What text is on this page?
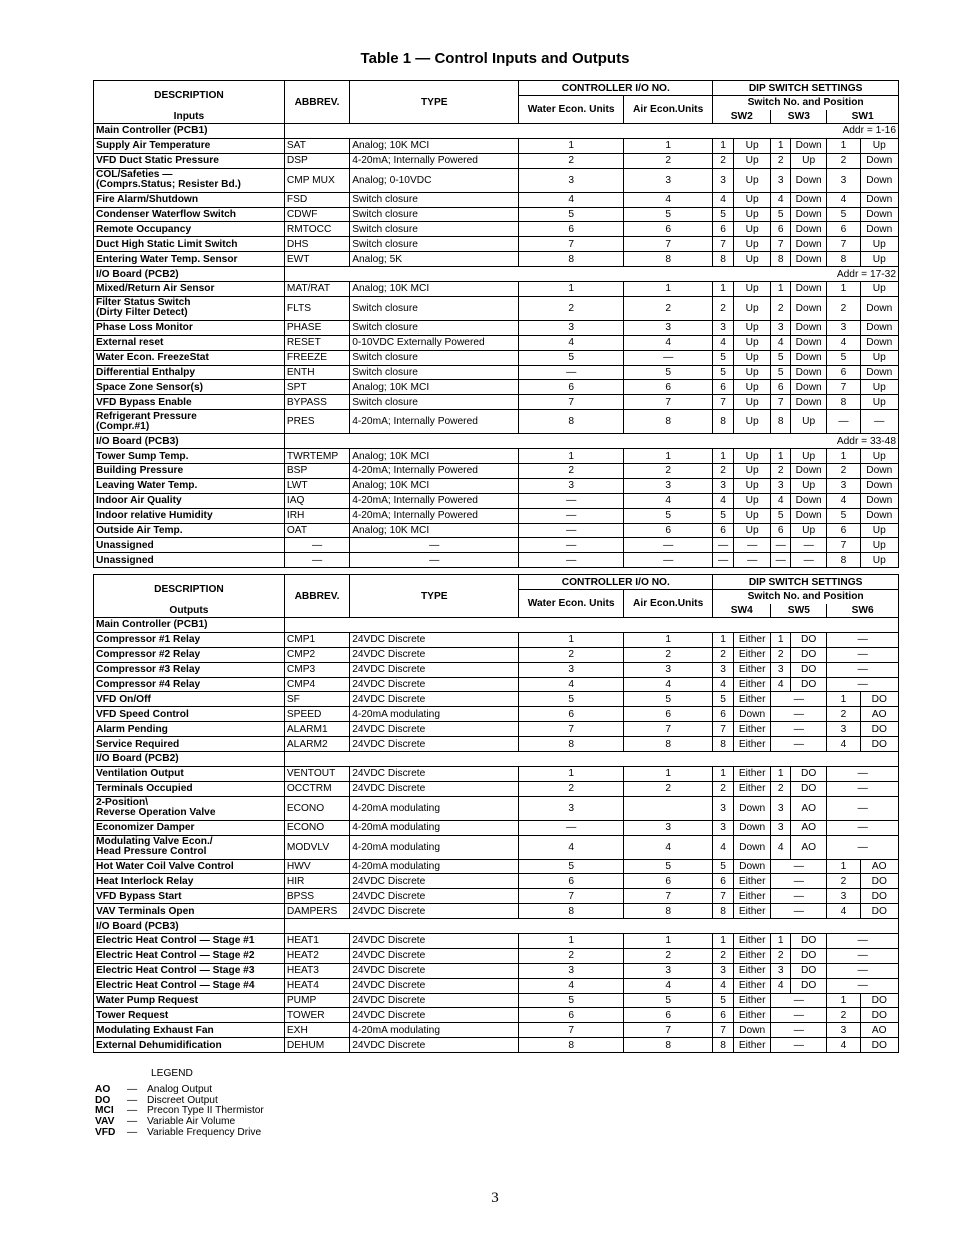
Table 1 — Control Inputs and Outputs
DESCRIPTION	ABBREV.	TYPE	CONTROLLER I/O NO.		DIP SWITCH SETTINGS					
			Water Econ. Units	Air Econ.Units	Switch No. and Position					
Inputs					SW2		SW3		SW1	
Main Controller (PCB1)	Addr = 1-16									
Supply Air Temperature	SAT	Analog; 10K MCI	1	1	1	Up	1	Down	1	Up
VFD Duct Static Pressure	DSP	4-20mA; Internally Powered	2	2	2	Up	2	Up	2	Down

COL/Safeties —
(Comprs.Status; Resister Bd.)	CMP MUX	Analog; 0-10VDC	3	3	3	Up	3	Down	3	Down
Fire Alarm/Shutdown	FSD	Switch closure	4	4	4	Up	4	Down	4	Down
Condenser Waterflow Switch	CDWF	Switch closure	5	5	5	Up	5	Down	5	Down
Remote Occupancy	RMTOCC	Switch closure	6	6	6	Up	6	Down	6	Down
Duct High Static Limit Switch	DHS	Switch closure	7	7	7	Up	7	Down	7	Up
Entering Water Temp. Sensor	EWT	Analog; 5K	8	8	8	Up	8	Down	8	Up
I/O Board (PCB2)	Addr = 17-32									
Mixed/Return Air Sensor	MAT/RAT	Analog; 10K MCI	1	1	1	Up	1	Down	1	Up

Filter Status Switch
(Dirty Filter Detect)	FLTS	Switch closure	2	2	2	Up	2	Down	2	Down
Phase Loss Monitor	PHASE	Switch closure	3	3	3	Up	3	Down	3	Down
External reset	RESET	0-10VDC Externally Powered	4	4	4	Up	4	Down	4	Down
Water Econ. FreezeStat	FREEZE	Switch closure	5	—	5	Up	5	Down	5	Up
Differential Enthalpy	ENTH	Switch closure	—	5	5	Up	5	Down	6	Down
Space Zone Sensor(s)	SPT	Analog; 10K MCI	6	6	6	Up	6	Down	7	Up
VFD Bypass Enable	BYPASS	Switch closure	7	7	7	Up	7	Down	8	Up

Refrigerant Pressure
(Compr.#1)	PRES	4-20mA; Internally Powered	8	8	8	Up	8	Up	—	—
I/O Board (PCB3)	Addr = 33-48									
Tower Sump Temp.	TWRTEMP	Analog; 10K MCI	1	1	1	Up	1	Up	1	Up
Building Pressure	BSP	4-20mA; Internally Powered	2	2	2	Up	2	Down	2	Down
Leaving Water Temp.	LWT	Analog; 10K MCI	3	3	3	Up	3	Up	3	Down
Indoor Air Quality	IAQ	4-20mA; Internally Powered	—	4	4	Up	4	Down	4	Down
Indoor relative Humidity	IRH	4-20mA; Internally Powered	—	5	5	Up	5	Down	5	Down
Outside Air Temp.	OAT	Analog; 10K MCI	—	6	6	Up	6	Up	6	Up
Unassigned	—	—	—	—	—	—	—	—	7	Up
Unassigned	—	—	—	—	—	—	—	—	8	Up
DESCRIPTION	ABBREV.	TYPE	CONTROLLER I/O NO.		DIP SWITCH SETTINGS					
			Water Econ. Units	Air Econ.Units	Switch No. and Position					
Outputs					SW4		SW5		SW6	
Main Controller (PCB1)										
Compressor #1 Relay	CMP1	24VDC Discrete	1	1	1	Either	1	DO	—	
Compressor #2 Relay	CMP2	24VDC Discrete	2	2	2	Either	2	DO	—	
Compressor #3 Relay	CMP3	24VDC Discrete	3	3	3	Either	3	DO	—	
Compressor #4 Relay	CMP4	24VDC Discrete	4	4	4	Either	4	DO	—	
VFD On/Off	SF	24VDC Discrete	5	5	5	Either	—		1	DO
VFD Speed Control	SPEED	4-20mA modulating	6	6	6	Down	—		2	AO
Alarm Pending	ALARM1	24VDC Discrete	7	7	7	Either	—		3	DO
Service Required	ALARM2	24VDC Discrete	8	8	8	Either	—		4	DO
I/O Board (PCB2)										
Ventilation Output	VENTOUT	24VDC Discrete	1	1	1	Either	1	DO	—	
Terminals Occupied	OCCTRM	24VDC Discrete	2	2	2	Either	2	DO	—	

2-Position\
Reverse Operation Valve	ECONO	4-20mA modulating	3		3	Down	3	AO	—	
Economizer Damper	ECONO	4-20mA modulating	—	3	3	Down	3	AO	—	

Modulating Valve Econ./
Head Pressure Control	MODVLV	4-20mA modulating	4	4	4	Down	4	AO	—	
Hot Water Coil Valve Control	HWV	4-20mA modulating	5	5	5	Down	—		1	AO
Heat Interlock Relay	HIR	24VDC Discrete	6	6	6	Either	—		2	DO
VFD Bypass Start	BPSS	24VDC Discrete	7	7	7	Either	—		3	DO
VAV Terminals Open	DAMPERS	24VDC Discrete	8	8	8	Either	—		4	DO
I/O Board (PCB3)										
Electric Heat Control — Stage #1	HEAT1	24VDC Discrete	1	1	1	Either	1	DO	—	
Electric Heat Control — Stage #2	HEAT2	24VDC Discrete	2	2	2	Either	2	DO	—	
Electric Heat Control — Stage #3	HEAT3	24VDC Discrete	3	3	3	Either	3	DO	—	
Electric Heat Control — Stage #4	HEAT4	24VDC Discrete	4	4	4	Either	4	DO	—	
Water Pump Request	PUMP	24VDC Discrete	5	5	5	Either	—		1	DO
Tower Request	TOWER	24VDC Discrete	6	6	6	Either	—		2	DO
Modulating Exhaust Fan	EXH	4-20mA modulating	7	7	7	Down	—		3	AO
External Dehumidification	DEHUM	24VDC Discrete	8	8	8	Either	—		4	DO
LEGEND
AO	— Analog Output
DO	— Discreet Output
MCI	— Precon Type II Thermistor
VAV	— Variable Air Volume
VFD	— Variable Frequency Drive
3
